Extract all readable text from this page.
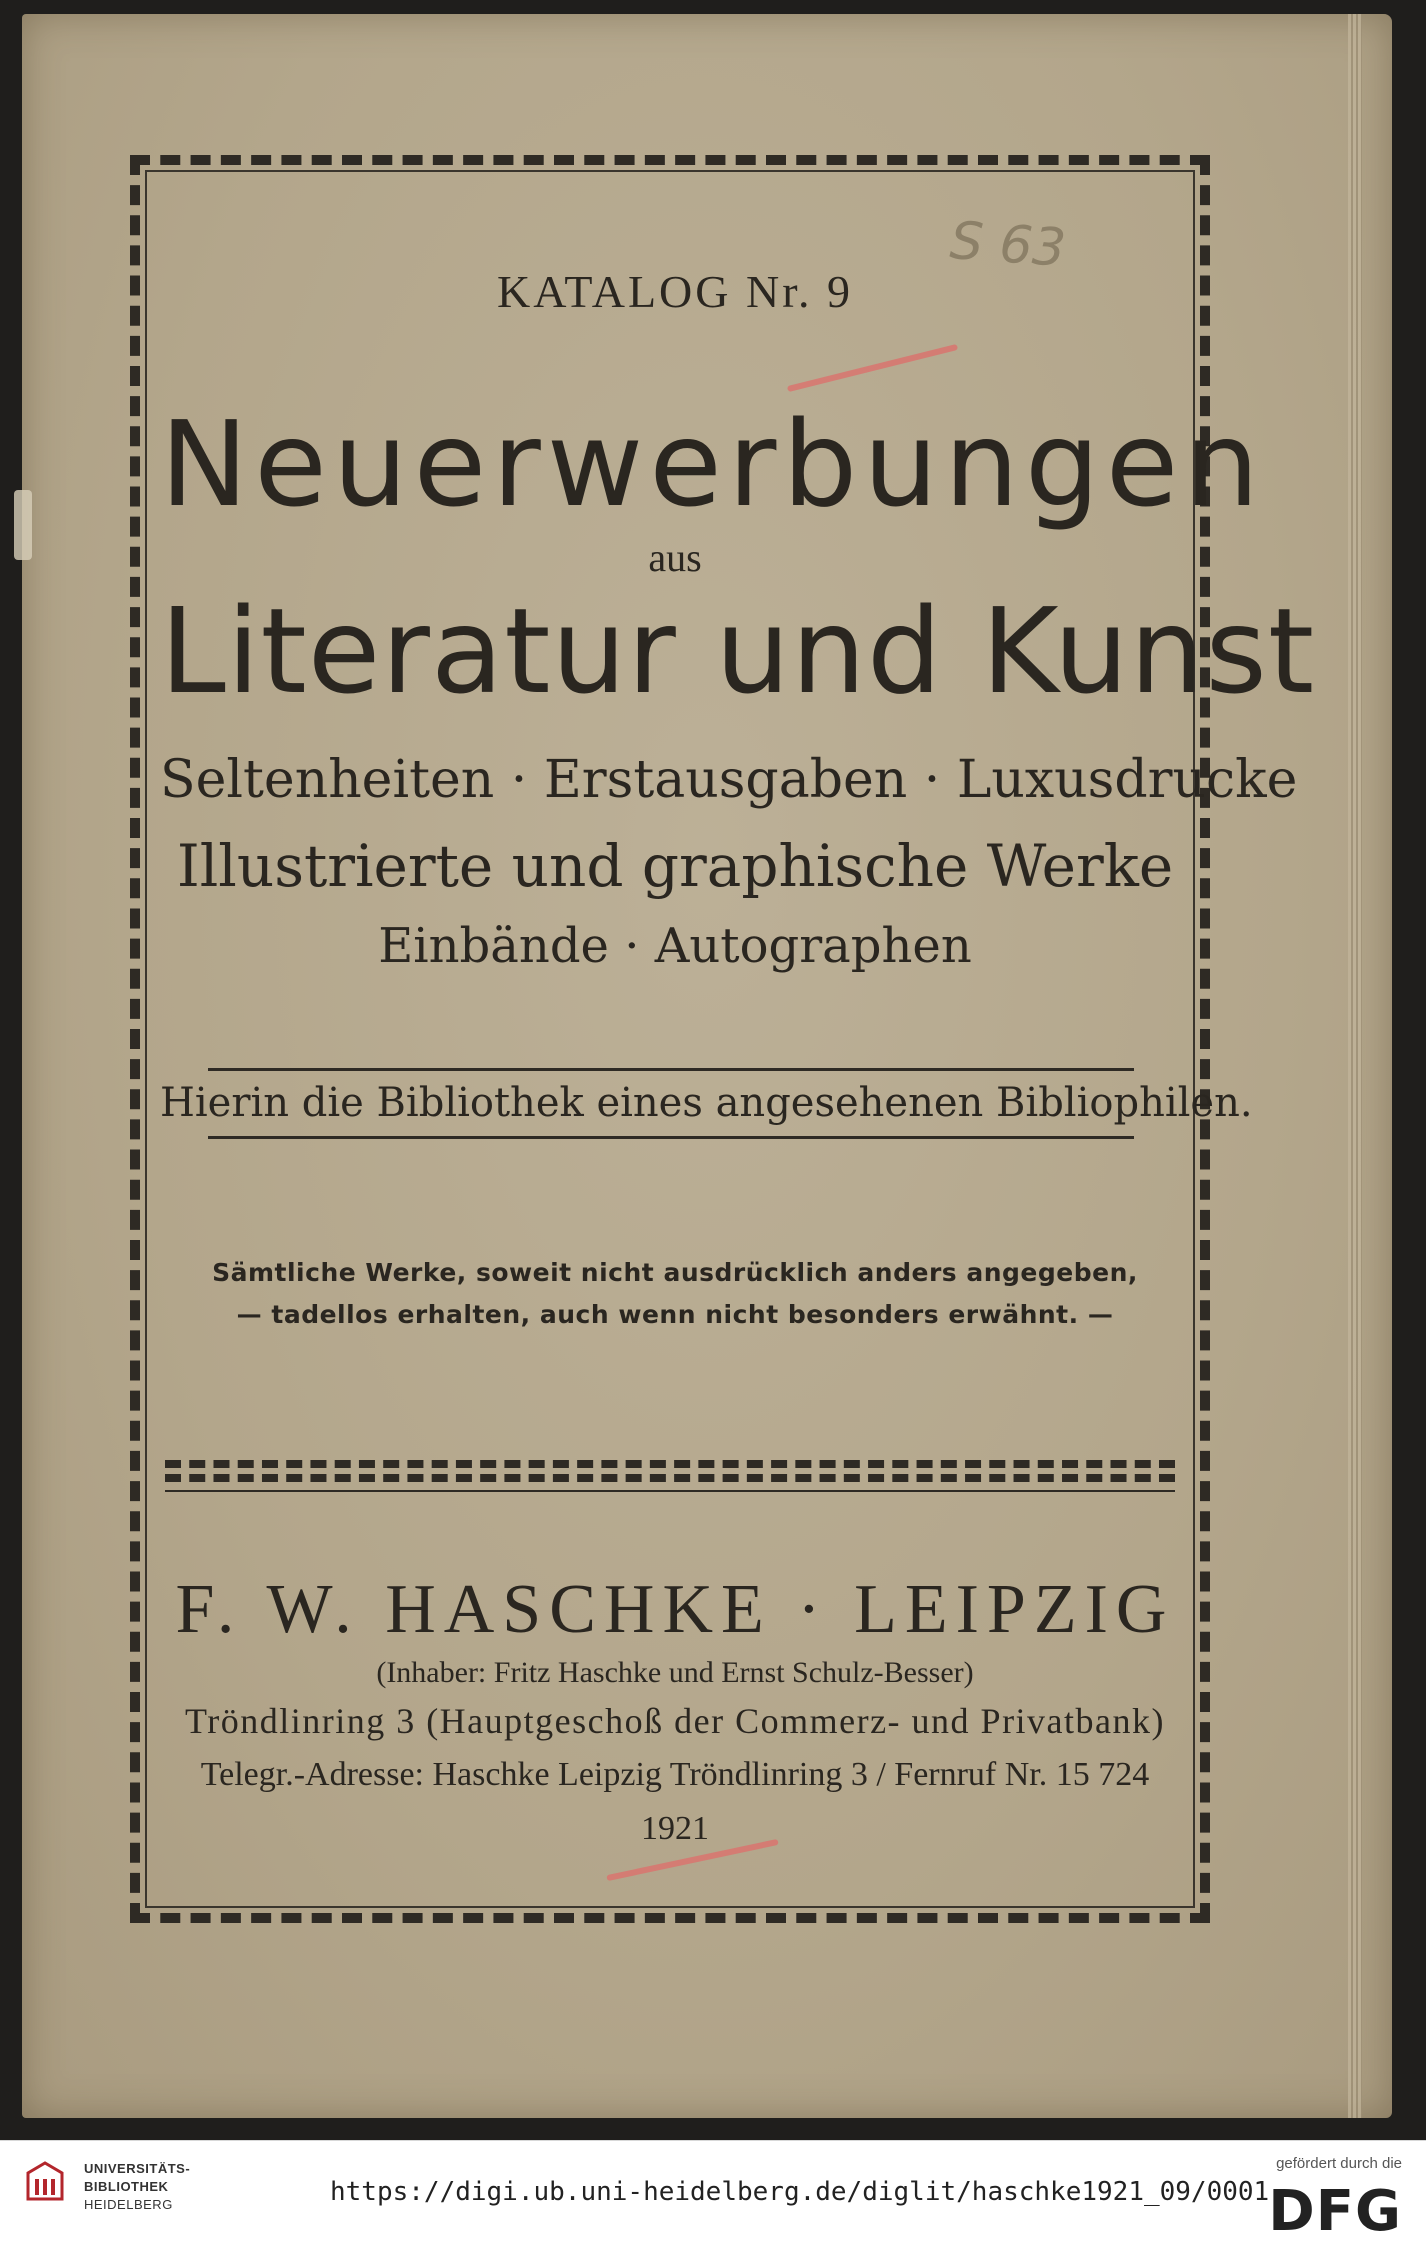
S 63
KATALOG Nr. 9
Neuerwerbungen
aus
Literatur und Kunst
Seltenheiten · Erstausgaben · Luxusdrucke
Illustrierte und graphische Werke
Einbände · Autographen
Hierin die Bibliothek eines angesehenen Bibliophilen.
Sämtliche Werke, soweit nicht ausdrücklich anders angegeben,
— tadellos erhalten, auch wenn nicht besonders erwähnt. —
F. W. HASCHKE · LEIPZIG
(Inhaber: Fritz Haschke und Ernst Schulz-Besser)
Tröndlinring 3 (Hauptgeschoß der Commerz- und Privatbank)
Telegr.-Adresse: Haschke Leipzig Tröndlinring 3 / Fernruf Nr. 15 724
1921
UNIVERSITÄTS-
BIBLIOTHEK
HEIDELBERG	https://digi.ub.uni-heidelberg.de/diglit/haschke1921_09/0001
gefördert durch die
DFG
